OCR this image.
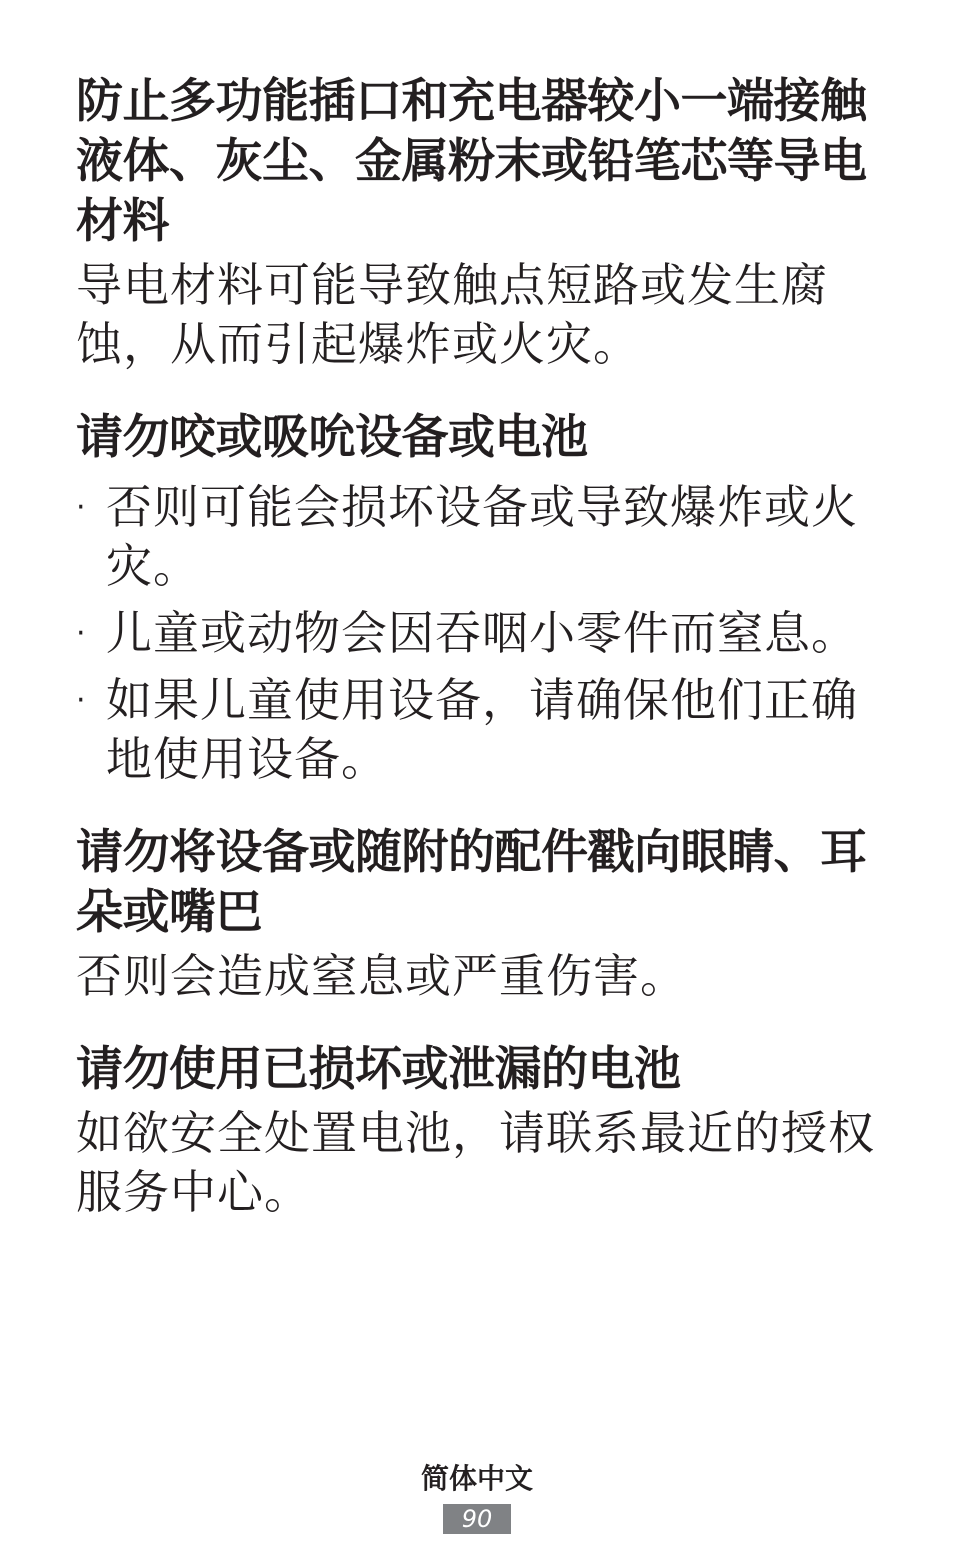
防止多功能插口和充电器较小一端接触液体、灰尘、金属粉末或铅笔芯等导电材料

导电材料可能导致触点短路或发生腐蚀，从而引起爆炸或火灾。

请勿咬或吸吮设备或电池
· 否则可能会损坏设备或导致爆炸或火灾。
· 儿童或动物会因吞咽小零件而窒息。
· 如果儿童使用设备，请确保他们正确地使用设备。
请勿将设备或随附的配件戳向眼睛、耳朵或嘴巴

否则会造成窒息或严重伤害。

请勿使用已损坏或泄漏的电池

如欲安全处置电池，请联系最近的授权服务中心。

简体中文
90
